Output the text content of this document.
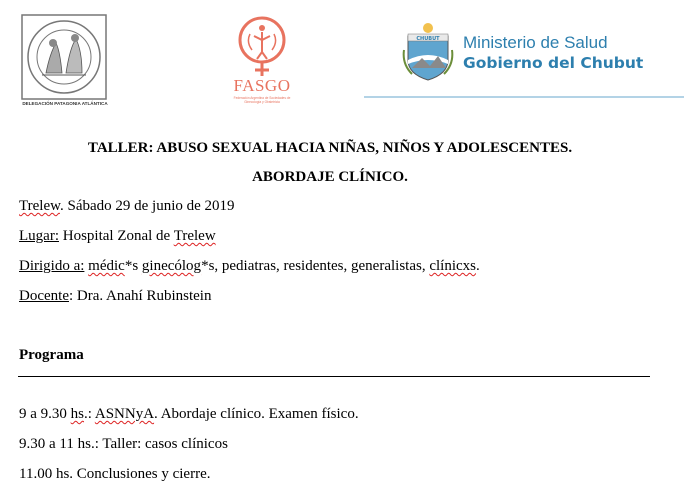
DELEGACIÓN PATAGONIA ATLÁNTICA
FASGO
Federación Argentina de Sociedades de Ginecología y Obstetricia
CHUBUT Ministerio de Salud
Gobierno del Chubut
TALLER: ABUSO SEXUAL HACIA NIÑAS, NIÑOS Y ADOLESCENTES.
ABORDAJE CLÍNICO.
Trelew. Sábado 29 de junio de 2019
Lugar: Hospital Zonal de Trelew
Dirigido a: médic*s ginecólog*s, pediatras, residentes, generalistas, clínicxs.
Docente: Dra. Anahí Rubinstein
Programa
9 a 9.30 hs.: ASNNyA. Abordaje clínico. Examen físico.
9.30 a 11 hs.: Taller: casos clínicos
11.00 hs. Conclusiones y cierre.
